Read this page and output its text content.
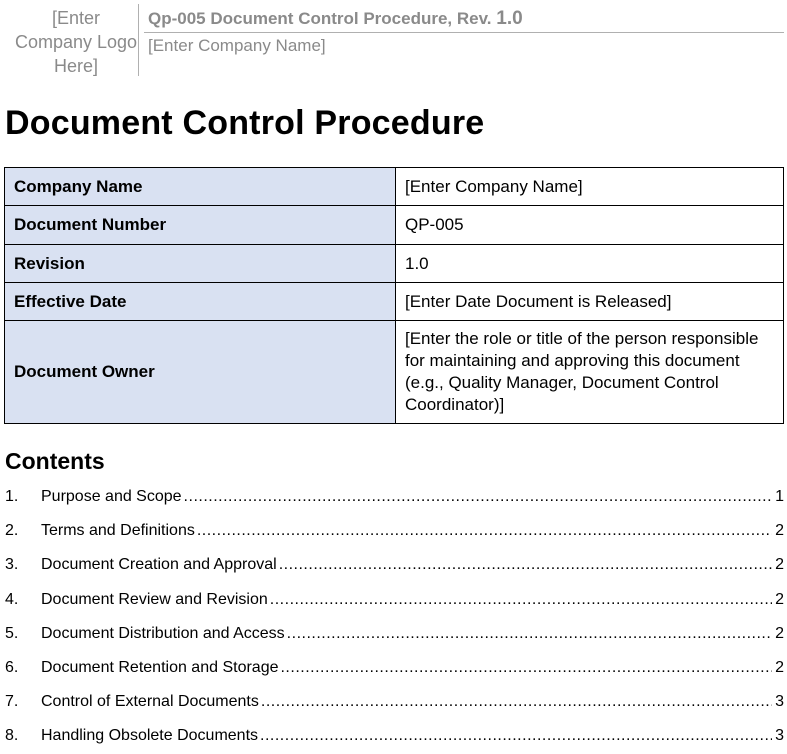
[Enter Company Logo Here]
Qp-005 Document Control Procedure, Rev. 1.0
[Enter Company Name]
Document Control Procedure
Company Name	[Enter Company Name]
Document Number	QP-005
Revision	1.0
Effective Date	[Enter Date Document is Released]
Document Owner	[Enter the role or title of the person responsible for maintaining and approving this document (e.g., Quality Manager, Document Control Coordinator)]
Contents
1.	Purpose and Scope .....	1
2.	Terms and Definitions .....	2
3.	Document Creation and Approval .....	2
4.	Document Review and Revision .....	2
5.	Document Distribution and Access .....	2
6.	Document Retention and Storage .....	2
7.	Control of External Documents .....	3
8.	Handling Obsolete Documents .....	3
